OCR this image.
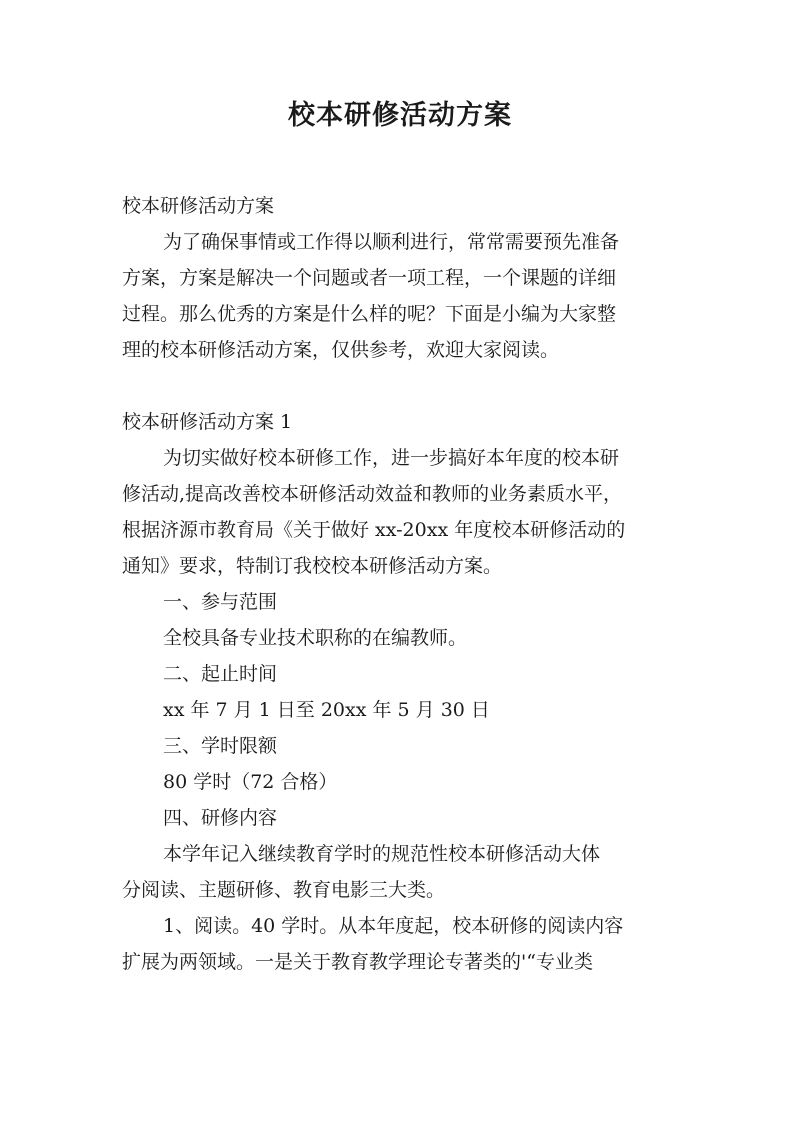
校本研修活动方案

校本研修活动方案

为了确保事情或工作得以顺利进行，常常需要预先准备

方案，方案是解决一个问题或者一项工程，一个课题的详细

过程。那么优秀的方案是什么样的呢？下面是小编为大家整

理的校本研修活动方案，仅供参考，欢迎大家阅读。

校本研修活动方案 1

为切实做好校本研修工作，进一步搞好本年度的校本研

修活动,提高改善校本研修活动效益和教师的业务素质水平，

根据济源市教育局《关于做好 xx-20xx 年度校本研修活动的

通知》要求，特制订我校校本研修活动方案。

一、参与范围

全校具备专业技术职称的在编教师。

二、起止时间

xx 年 7 月 1 日至 20xx 年 5 月 30 日

三、学时限额

80 学时（72 合格）

四、研修内容

本学年记入继续教育学时的规范性校本研修活动大体

分阅读、主题研修、教育电影三大类。

1、阅读。40 学时。从本年度起，校本研修的阅读内容

扩展为两领域。一是关于教育教学理论专著类的'“专业类
